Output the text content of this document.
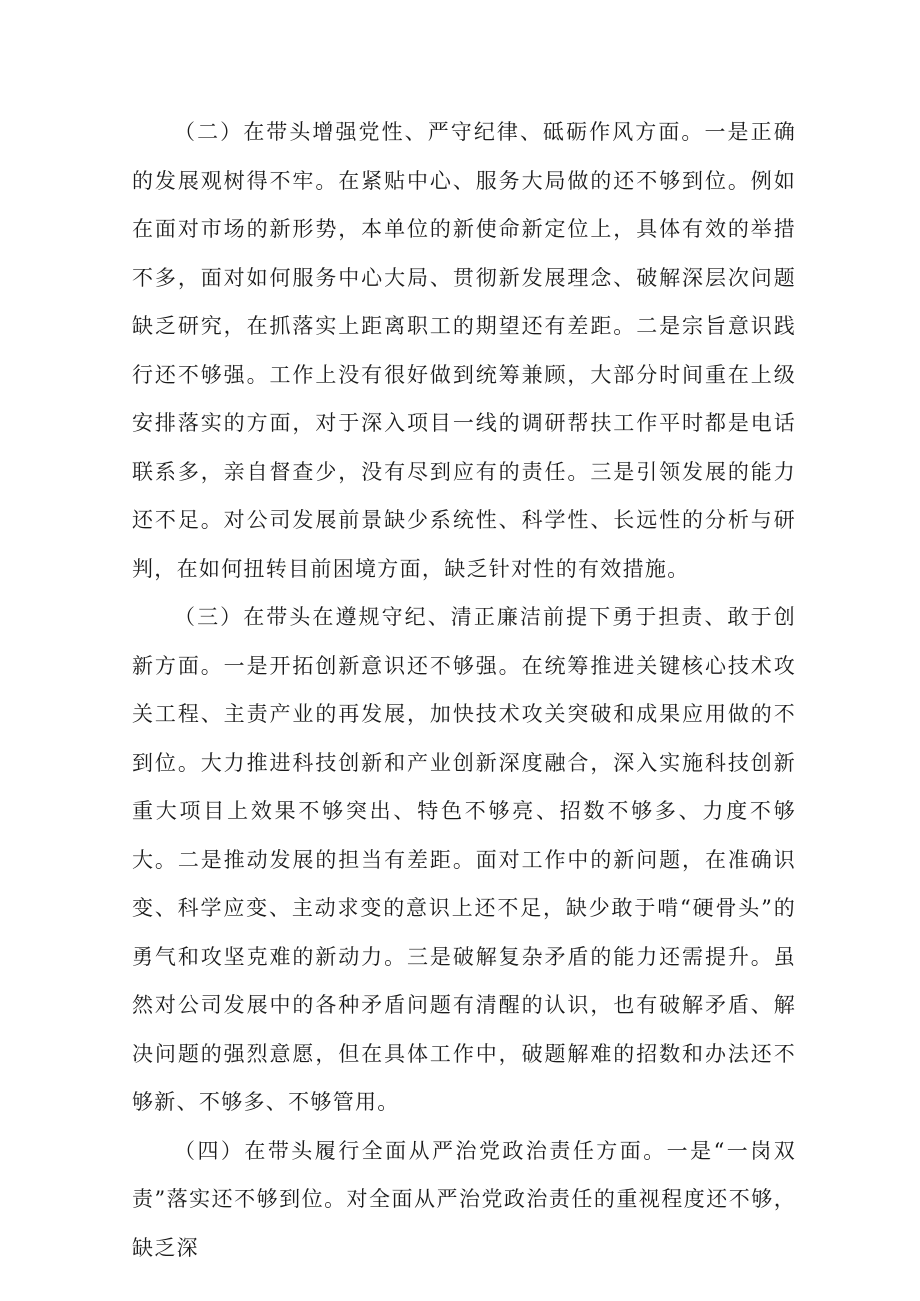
（二）在带头增强党性、严守纪律、砥砺作风方面。一是正确的发展观树得不牢。在紧贴中心、服务大局做的还不够到位。例如在面对市场的新形势，本单位的新使命新定位上，具体有效的举措不多，面对如何服务中心大局、贯彻新发展理念、破解深层次问题缺乏研究，在抓落实上距离职工的期望还有差距。二是宗旨意识践行还不够强。工作上没有很好做到统筹兼顾，大部分时间重在上级安排落实的方面，对于深入项目一线的调研帮扶工作平时都是电话联系多，亲自督查少，没有尽到应有的责任。三是引领发展的能力还不足。对公司发展前景缺少系统性、科学性、长远性的分析与研判，在如何扭转目前困境方面，缺乏针对性的有效措施。

（三）在带头在遵规守纪、清正廉洁前提下勇于担责、敢于创新方面。一是开拓创新意识还不够强。在统筹推进关键核心技术攻关工程、主责产业的再发展，加快技术攻关突破和成果应用做的不到位。大力推进科技创新和产业创新深度融合，深入实施科技创新重大项目上效果不够突出、特色不够亮、招数不够多、力度不够大。二是推动发展的担当有差距。面对工作中的新问题，在准确识变、科学应变、主动求变的意识上还不足，缺少敢于啃“硬骨头”的勇气和攻坚克难的新动力。三是破解复杂矛盾的能力还需提升。虽然对公司发展中的各种矛盾问题有清醒的认识，也有破解矛盾、解决问题的强烈意愿，但在具体工作中，破题解难的招数和办法还不够新、不够多、不够管用。

（四）在带头履行全面从严治党政治责任方面。一是“一岗双责”落实还不够到位。对全面从严治党政治责任的重视程度还不够，缺乏深
